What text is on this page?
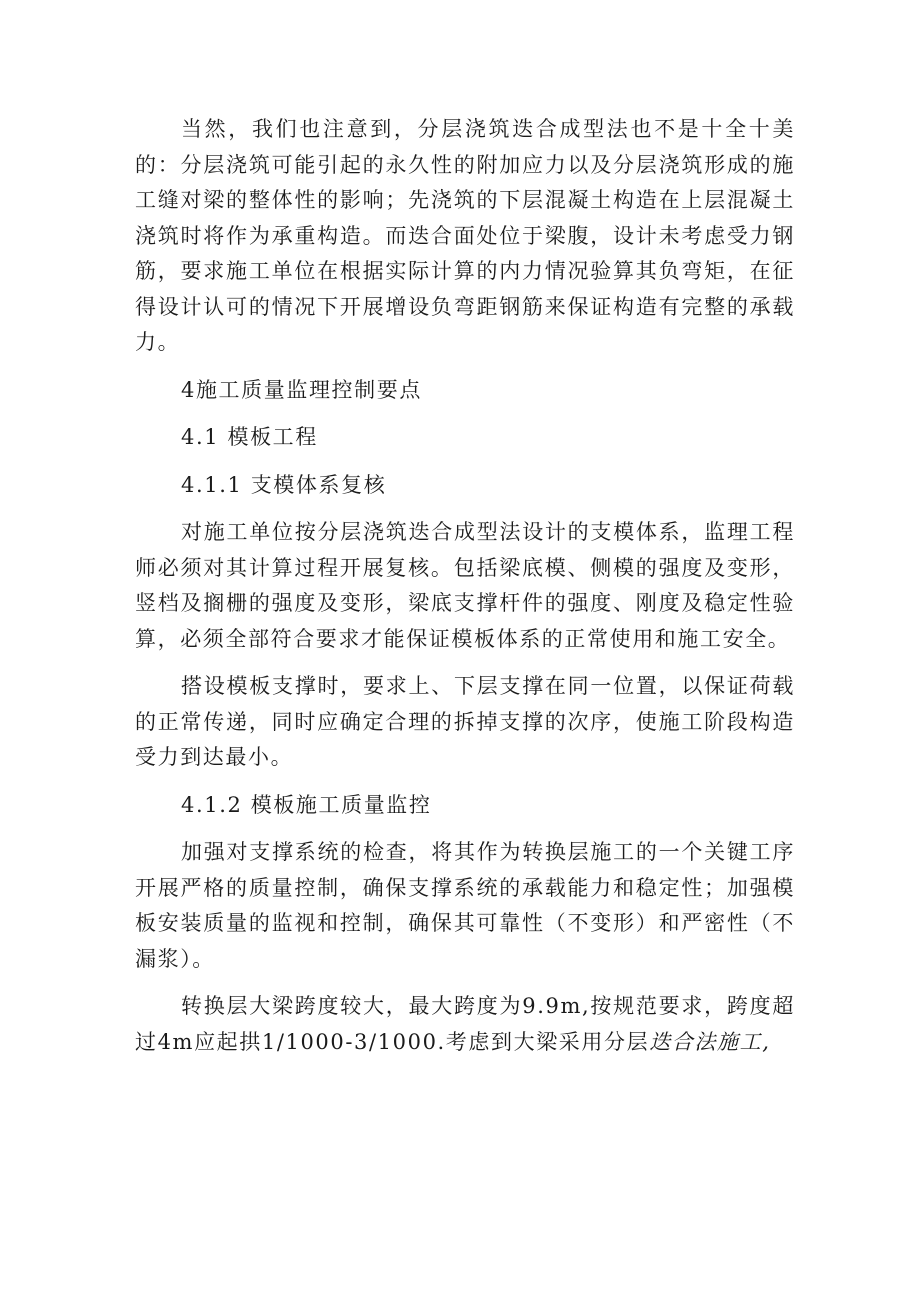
当然，我们也注意到，分层浇筑迭合成型法也不是十全十美的：分层浇筑可能引起的永久性的附加应力以及分层浇筑形成的施工缝对梁的整体性的影响；先浇筑的下层混凝土构造在上层混凝土浇筑时将作为承重构造。而迭合面处位于梁腹，设计未考虑受力钢筋，要求施工单位在根据实际计算的内力情况验算其负弯矩，在征得设计认可的情况下开展增设负弯距钢筋来保证构造有完整的承载力。

4施工质量监理控制要点

4.1 模板工程

4.1.1 支模体系复核

对施工单位按分层浇筑迭合成型法设计的支模体系，监理工程师必须对其计算过程开展复核。包括梁底模、侧模的强度及变形，竖档及搁栅的强度及变形，梁底支撑杆件的强度、刚度及稳定性验算，必须全部符合要求才能保证模板体系的正常使用和施工安全。

搭设模板支撑时，要求上、下层支撑在同一位置，以保证荷载的正常传递，同时应确定合理的拆掉支撑的次序，使施工阶段构造受力到达最小。

4.1.2 模板施工质量监控

加强对支撑系统的检查，将其作为转换层施工的一个关键工序开展严格的质量控制，确保支撑系统的承载能力和稳定性；加强模板安装质量的监视和控制，确保其可靠性（不变形）和严密性（不漏浆）。

转换层大梁跨度较大，最大跨度为9.9m,按规范要求，跨度超过4m应起拱1/1000-3/1000.考虑到大梁采用分层迭合法施工,
